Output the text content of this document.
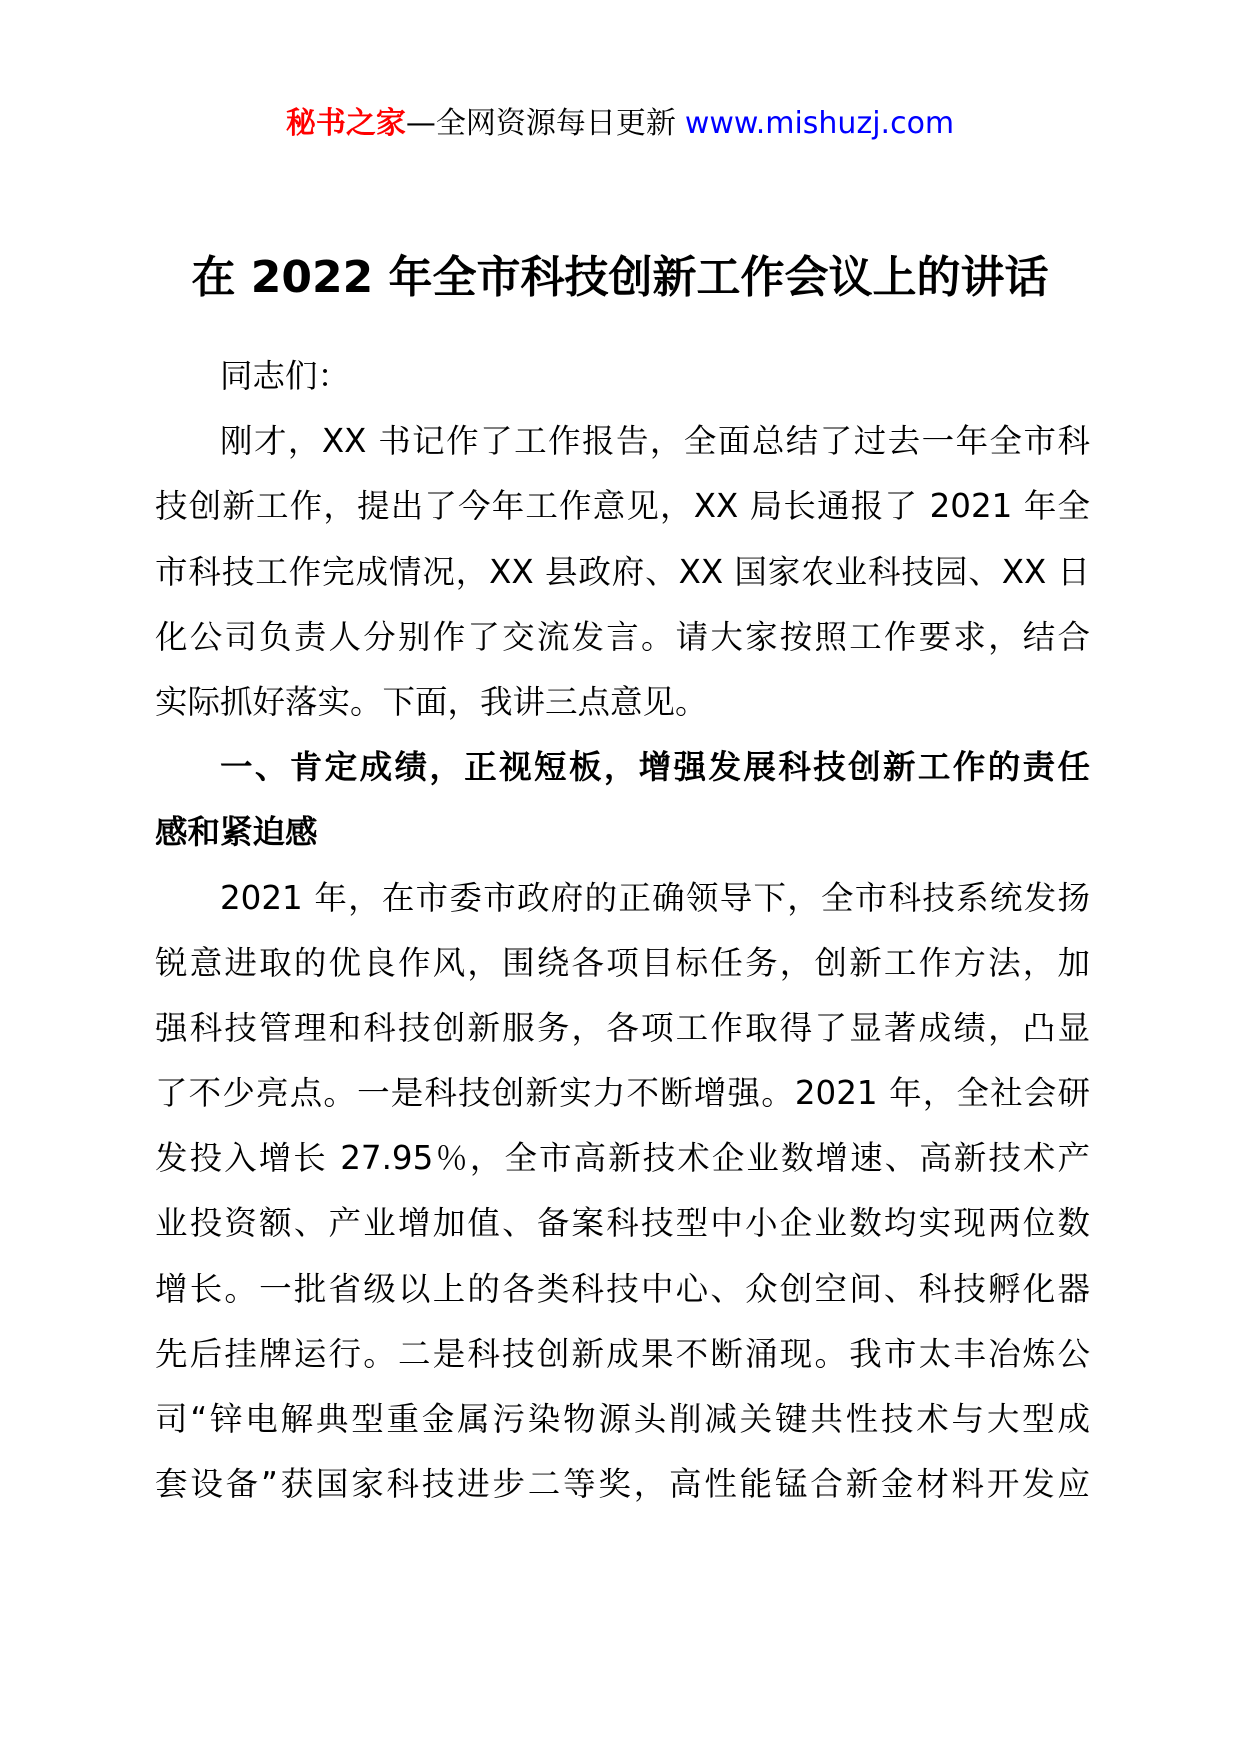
秘书之家—全网资源每日更新 www.mishuzj.com
在 2022 年全市科技创新工作会议上的讲话
同志们：
刚才，XX 书记作了工作报告，全面总结了过去一年全市科
技创新工作，提出了今年工作意见，XX 局长通报了 2021 年全
市科技工作完成情况，XX 县政府、XX 国家农业科技园、XX 日
化公司负责人分别作了交流发言。请大家按照工作要求，结合
实际抓好落实。下面，我讲三点意见。
一、肯定成绩，正视短板，增强发展科技创新工作的责任
感和紧迫感
2021 年，在市委市政府的正确领导下，全市科技系统发扬
锐意进取的优良作风，围绕各项目标任务，创新工作方法，加
强科技管理和科技创新服务，各项工作取得了显著成绩，凸显
了不少亮点。一是科技创新实力不断增强。2021 年，全社会研
发投入增长 27.95％，全市高新技术企业数增速、高新技术产
业投资额、产业增加值、备案科技型中小企业数均实现两位数
增长。一批省级以上的各类科技中心、众创空间、科技孵化器
先后挂牌运行。二是科技创新成果不断涌现。我市太丰冶炼公
司“锌电解典型重金属污染物源头削减关键共性技术与大型成
套设备”获国家科技进步二等奖，高性能锰合新金材料开发应
